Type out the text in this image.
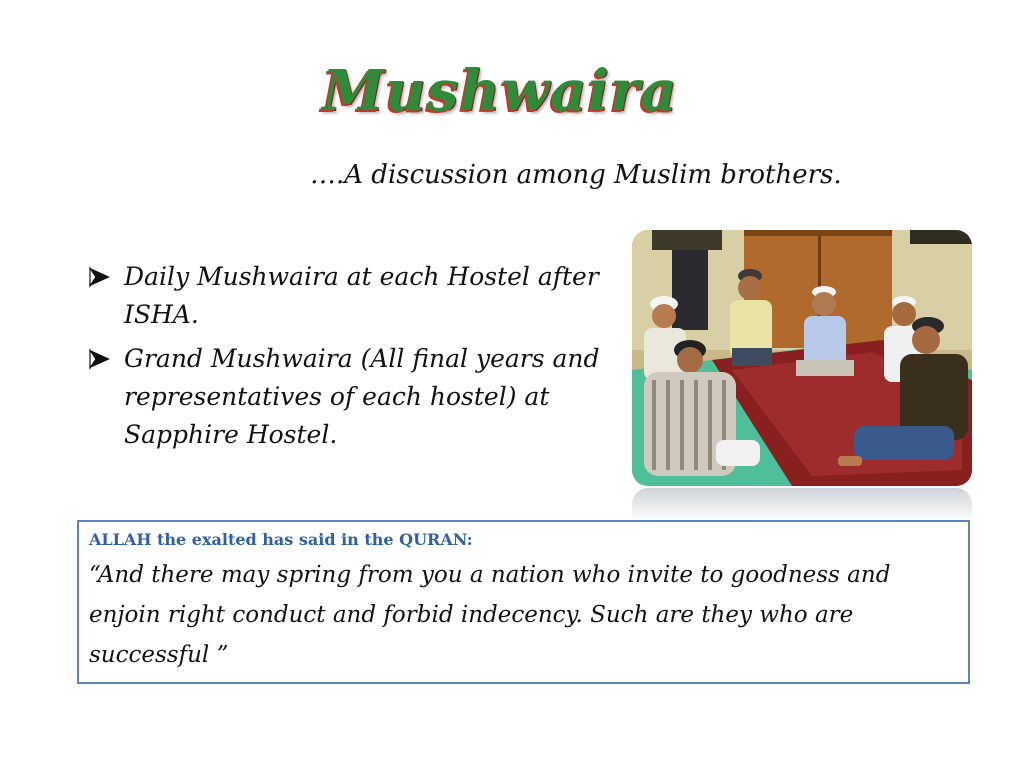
Mushwaira
….A discussion among Muslim brothers.
Daily Mushwaira at each Hostel after ISHA.
Grand Mushwaira (All final years and representatives of each hostel) at Sapphire Hostel.

ALLAH the exalted has said in the QURAN:

“And there may spring from you a nation who invite to goodness and enjoin right conduct and forbid indecency. Such are they who are successful ”
